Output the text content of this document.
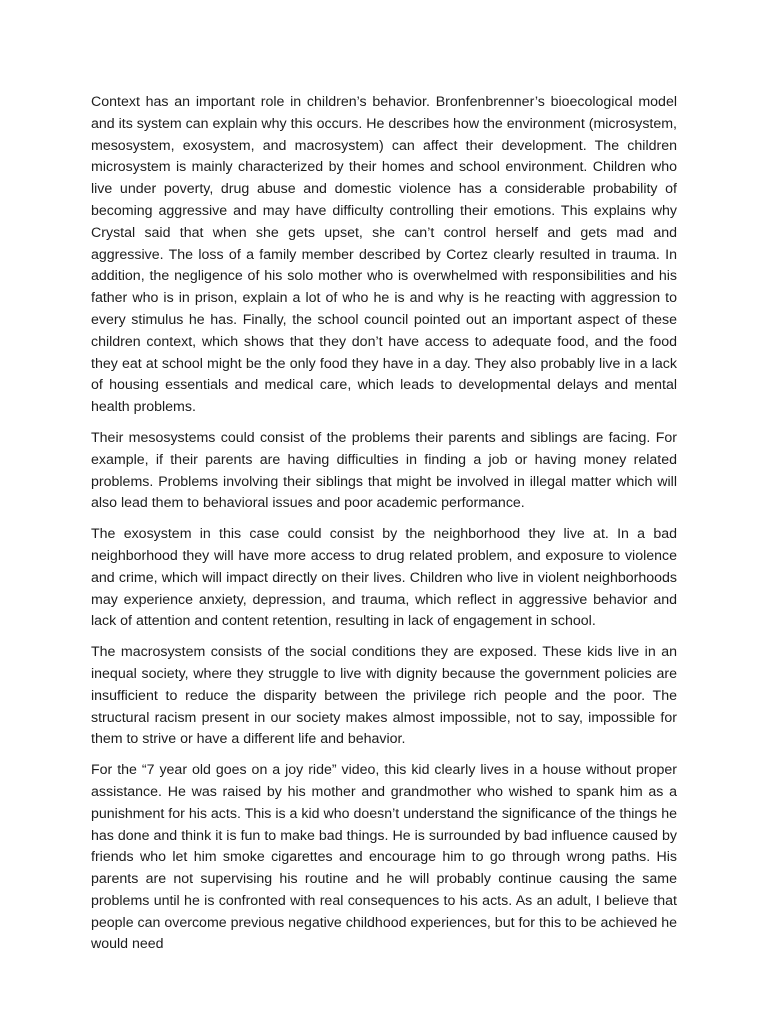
Context has an important role in children’s behavior. Bronfenbrenner’s bioecological model and its system can explain why this occurs. He describes how the environment (microsystem, mesosystem, exosystem, and macrosystem) can affect their development. The children microsystem is mainly characterized by their homes and school environment. Children who live under poverty, drug abuse and domestic violence has a considerable probability of becoming aggressive and may have difficulty controlling their emotions. This explains why Crystal said that when she gets upset, she can’t control herself and gets mad and aggressive. The loss of a family member described by Cortez clearly resulted in trauma. In addition, the negligence of his solo mother who is overwhelmed with responsibilities and his father who is in prison, explain a lot of who he is and why is he reacting with aggression to every stimulus he has. Finally, the school council pointed out an important aspect of these children context, which shows that they don’t have access to adequate food, and the food they eat at school might be the only food they have in a day. They also probably live in a lack of housing essentials and medical care, which leads to developmental delays and mental health problems.

Their mesosystems could consist of the problems their parents and siblings are facing. For example, if their parents are having difficulties in finding a job or having money related problems. Problems involving their siblings that might be involved in illegal matter which will also lead them to behavioral issues and poor academic performance.

The exosystem in this case could consist by the neighborhood they live at. In a bad neighborhood they will have more access to drug related problem, and exposure to violence and crime, which will impact directly on their lives. Children who live in violent neighborhoods may experience anxiety, depression, and trauma, which reflect in aggressive behavior and lack of attention and content retention, resulting in lack of engagement in school.

The macrosystem consists of the social conditions they are exposed. These kids live in an inequal society, where they struggle to live with dignity because the government policies are insufficient to reduce the disparity between the privilege rich people and the poor. The structural racism present in our society makes almost impossible, not to say, impossible for them to strive or have a different life and behavior.

For the “7 year old goes on a joy ride” video, this kid clearly lives in a house without proper assistance. He was raised by his mother and grandmother who wished to spank him as a punishment for his acts. This is a kid who doesn’t understand the significance of the things he has done and think it is fun to make bad things. He is surrounded by bad influence caused by friends who let him smoke cigarettes and encourage him to go through wrong paths. His parents are not supervising his routine and he will probably continue causing the same problems until he is confronted with real consequences to his acts. As an adult, I believe that people can overcome previous negative childhood experiences, but for this to be achieved he would need
